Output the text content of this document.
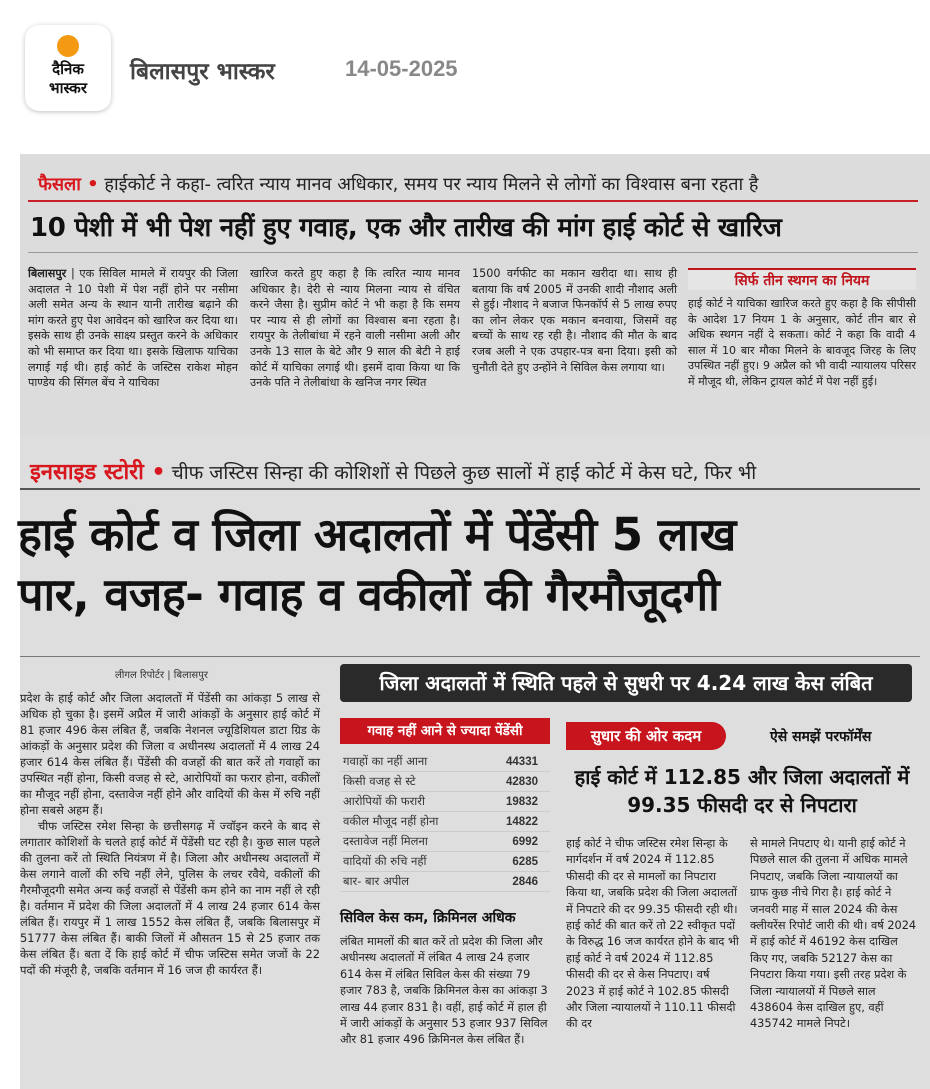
दैनिक
भास्कर
बिलासपुर भास्कर	14-05-2025
फैसला • हाईकोर्ट ने कहा- त्वरित न्याय मानव अधिकार, समय पर न्याय मिलने से लोगों का विश्वास बना रहता है
10 पेशी में भी पेश नहीं हुए गवाह, एक और तारीख की मांग हाई कोर्ट से खारिज
बिलासपुर | एक सिविल मामले में रायपुर की जिला अदालत ने 10 पेशी में पेश नहीं होने पर नसीमा अली समेत अन्य के स्थान यानी तारीख बढ़ाने की मांग करते हुए पेश आवेदन को खारिज कर दिया था। इसके साथ ही उनके साक्ष्य प्रस्तुत करने के अधिकार को भी समाप्त कर दिया था। इसके खिलाफ याचिका लगाई गई थी। हाई कोर्ट के जस्टिस राकेश मोहन पाण्डेय की सिंगल बेंच ने याचिका
खारिज करते हुए कहा है कि त्वरित न्याय मानव अधिकार है। देरी से न्याय मिलना न्याय से वंचित करने जैसा है। सुप्रीम कोर्ट ने भी कहा है कि समय पर न्याय से ही लोगों का विश्वास बना रहता है। रायपुर के तेलीबांधा में रहने वाली नसीमा अली और उनके 13 साल के बेटे और 9 साल की बेटी ने हाई कोर्ट में याचिका लगाई थी। इसमें दावा किया था कि उनके पति ने तेलीबांधा के खनिज नगर स्थित
1500 वर्गफीट का मकान खरीदा था। साथ ही बताया कि वर्ष 2005 में उनकी शादी नौशाद अली से हुई। नौशाद ने बजाज फिनकॉर्प से 5 लाख रुपए का लोन लेकर एक मकान बनवाया, जिसमें वह बच्चों के साथ रह रही है। नौशाद की मौत के बाद रजब अली ने एक उपहार-पत्र बना दिया। इसी को चुनौती देते हुए उन्होंने ने सिविल केस लगाया था।
सिर्फ तीन स्थगन का नियम
हाई कोर्ट ने याचिका खारिज करते हुए कहा है कि सीपीसी के आदेश 17 नियम 1 के अनुसार, कोर्ट तीन बार से अधिक स्थगन नहीं दे सकता। कोर्ट ने कहा कि वादी 4 साल में 10 बार मौका मिलने के बावजूद जिरह के लिए उपस्थित नहीं हुए। 9 अप्रैल को भी वादी न्यायालय परिसर में मौजूद थी, लेकिन ट्रायल कोर्ट में पेश नहीं हुई।
इनसाइड स्टोरी • चीफ जस्टिस सिन्हा की कोशिशों से पिछले कुछ सालों में हाई कोर्ट में केस घटे, फिर भी
हाई कोर्ट व जिला अदालतों में पेंडेंसी 5 लाख
पार, वजह- गवाह व वकीलों की गैरमौजूदगी
लीगल रिपोर्टर | बिलासपुर

प्रदेश के हाई कोर्ट और जिला अदालतों में पेंडेंसी का आंकड़ा 5 लाख से अधिक हो चुका है। इसमें अप्रैल में जारी आंकड़ों के अनुसार हाई कोर्ट में 81 हजार 496 केस लंबित हैं, जबकि नेशनल ज्यूडिशियल डाटा ग्रिड के आंकड़ों के अनुसार प्रदेश की जिला व अधीनस्थ अदालतों में 4 लाख 24 हजार 614 केस लंबित हैं। पेंडेंसी की वजहों की बात करें तो गवाहों का उपस्थित नहीं होना, किसी वजह से स्टे, आरोपियों का फरार होना, वकीलों का मौजूद नहीं होना, दस्तावेज नहीं होने और वादियों की केस में रुचि नहीं होना सबसे अहम हैं।

चीफ जस्टिस रमेश सिन्हा के छत्तीसगढ़ में ज्वॉइन करने के बाद से लगातार कोशिशों के चलते हाई कोर्ट में पेंडेंसी घट रही है। कुछ साल पहले की तुलना करें तो स्थिति नियंत्रण में है। जिला और अधीनस्थ अदालतों में केस लगाने वालों की रुचि नहीं लेने, पुलिस के लचर रवैये, वकीलों की गैरमौजूदगी समेत अन्य कई वजहों से पेंडेंसी कम होने का नाम नहीं ले रही है। वर्तमान में प्रदेश की जिला अदालतों में 4 लाख 24 हजार 614 केस लंबित हैं। रायपुर में 1 लाख 1552 केस लंबित हैं, जबकि बिलासपुर में 51777 केस लंबित हैं। बाकी जिलों में औसतन 15 से 25 हजार तक केस लंबित हैं। बता दें कि हाई कोर्ट में चीफ जस्टिस समेत जजों के 22 पदों की मंजूरी है, जबकि वर्तमान में 16 जज ही कार्यरत हैं।

जिला अदालतों में स्थिति पहले से सुधरी पर 4.24 लाख केस लंबित
गवाह नहीं आने से ज्यादा पेंडेंसी
गवाहों का नहीं आना	44331
किसी वजह से स्टे	42830
आरोपियों की फरारी	19832
वकील मौजूद नहीं होना	14822
दस्तावेज नहीं मिलना	6992
वादियों की रुचि नहीं	6285
बार- बार अपील	2846
सिविल केस कम, क्रिमिनल अधिक
लंबित मामलों की बात करें तो प्रदेश की जिला और अधीनस्थ अदालतों में लंबित 4 लाख 24 हजार 614 केस में लंबित सिविल केस की संख्या 79 हजार 783 है, जबकि क्रिमिनल केस का आंकड़ा 3 लाख 44 हजार 831 है। वहीं, हाई कोर्ट में हाल ही में जारी आंकड़ों के अनुसार 53 हजार 937 सिविल और 81 हजार 496 क्रिमिनल केस लंबित हैं।
सुधार की ओर कदम	ऐसे समझें परफॉर्मेंस
हाई कोर्ट में 112.85 और जिला अदालतों में 99.35 फीसदी दर से निपटारा
हाई कोर्ट ने चीफ जस्टिस रमेश सिन्हा के मार्गदर्शन में वर्ष 2024 में 112.85 फीसदी की दर से मामलों का निपटारा किया था, जबकि प्रदेश की जिला अदालतों में निपटारे की दर 99.35 फीसदी रही थी। हाई कोर्ट की बात करें तो 22 स्वीकृत पदों के विरुद्ध 16 जज कार्यरत होने के बाद भी हाई कोर्ट ने वर्ष 2024 में 112.85 फीसदी की दर से केस निपटाए। वर्ष 2023 में हाई कोर्ट ने 102.85 फीसदी और जिला न्यायालयों ने 110.11 फीसदी की दर
से मामले निपटाए थे। यानी हाई कोर्ट ने पिछले साल की तुलना में अधिक मामले निपटाए, जबकि जिला न्यायालयों का ग्राफ कुछ नीचे गिरा है। हाई कोर्ट ने जनवरी माह में साल 2024 की केस क्लीयरेंस रिपोर्ट जारी की थी। वर्ष 2024 में हाई कोर्ट में 46192 केस दाखिल किए गए, जबकि 52127 केस का निपटारा किया गया। इसी तरह प्रदेश के जिला न्यायालयों में पिछले साल 438604 केस दाखिल हुए, वहीं 435742 मामले निपटे।
